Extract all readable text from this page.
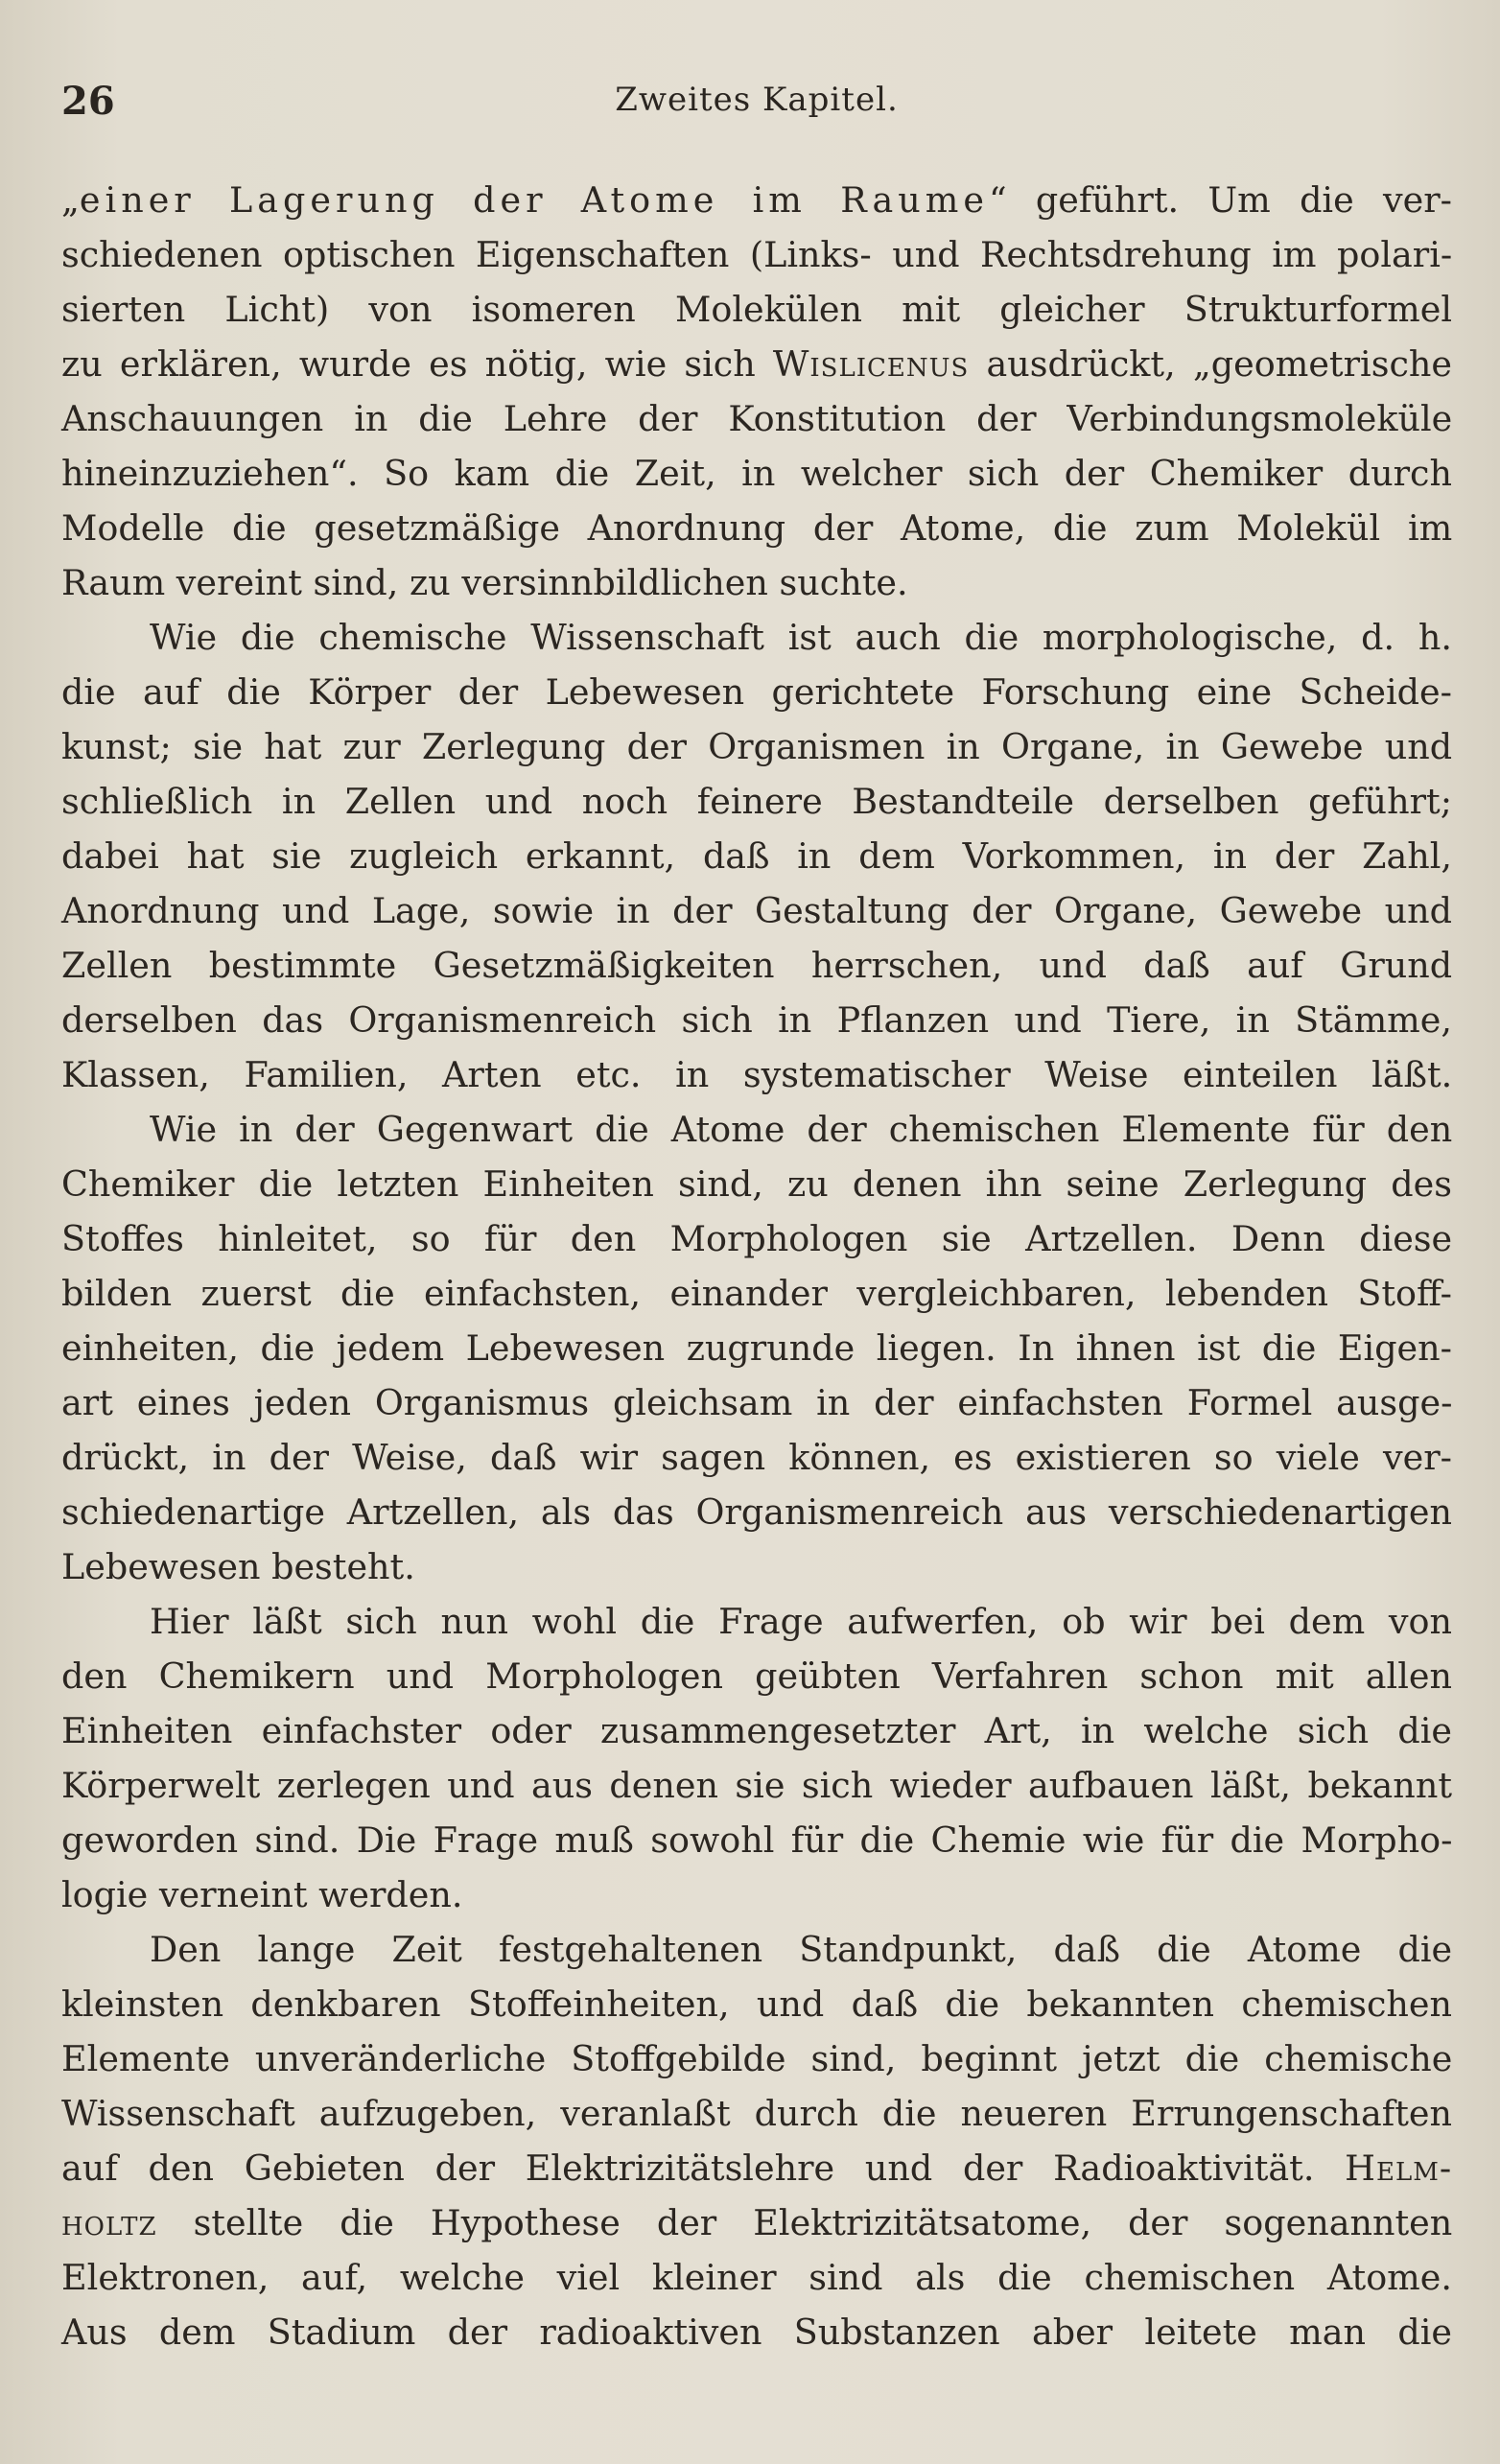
26	Zweites Kapitel.
„einer Lagerung der Atome im Raume“ geführt. Um die ver-
schiedenen optischen Eigenschaften (Links- und Rechtsdrehung im polari-
sierten Licht) von isomeren Molekülen mit gleicher Strukturformel
zu erklären, wurde es nötig, wie sich Wislicenus ausdrückt, „geometrische
Anschauungen in die Lehre der Konstitution der Verbindungsmoleküle
hineinzuziehen“. So kam die Zeit, in welcher sich der Chemiker durch
Modelle die gesetzmäßige Anordnung der Atome, die zum Molekül im
Raum vereint sind, zu versinnbildlichen suchte.
Wie die chemische Wissenschaft ist auch die morphologische, d. h.
die auf die Körper der Lebewesen gerichtete Forschung eine Scheide-
kunst; sie hat zur Zerlegung der Organismen in Organe, in Gewebe und
schließlich in Zellen und noch feinere Bestandteile derselben geführt;
dabei hat sie zugleich erkannt, daß in dem Vorkommen, in der Zahl,
Anordnung und Lage, sowie in der Gestaltung der Organe, Gewebe und
Zellen bestimmte Gesetzmäßigkeiten herrschen, und daß auf Grund
derselben das Organismenreich sich in Pflanzen und Tiere, in Stämme,
Klassen, Familien, Arten etc. in systematischer Weise einteilen läßt.
Wie in der Gegenwart die Atome der chemischen Elemente für den
Chemiker die letzten Einheiten sind, zu denen ihn seine Zerlegung des
Stoffes hinleitet, so für den Morphologen sie Artzellen. Denn diese
bilden zuerst die einfachsten, einander vergleichbaren, lebenden Stoff-
einheiten, die jedem Lebewesen zugrunde liegen. In ihnen ist die Eigen-
art eines jeden Organismus gleichsam in der einfachsten Formel ausge-
drückt, in der Weise, daß wir sagen können, es existieren so viele ver-
schiedenartige Artzellen, als das Organismenreich aus verschiedenartigen
Lebewesen besteht.
Hier läßt sich nun wohl die Frage aufwerfen, ob wir bei dem von
den Chemikern und Morphologen geübten Verfahren schon mit allen
Einheiten einfachster oder zusammengesetzter Art, in welche sich die
Körperwelt zerlegen und aus denen sie sich wieder aufbauen läßt, bekannt
geworden sind. Die Frage muß sowohl für die Chemie wie für die Morpho-
logie verneint werden.
Den lange Zeit festgehaltenen Standpunkt, daß die Atome die
kleinsten denkbaren Stoffeinheiten, und daß die bekannten chemischen
Elemente unveränderliche Stoffgebilde sind, beginnt jetzt die chemische
Wissenschaft aufzugeben, veranlaßt durch die neueren Errungenschaften
auf den Gebieten der Elektrizitätslehre und der Radioaktivität. Helm-
holtz stellte die Hypothese der Elektrizitätsatome, der sogenannten
Elektronen, auf, welche viel kleiner sind als die chemischen Atome.
Aus dem Stadium der radioaktiven Substanzen aber leitete man die
